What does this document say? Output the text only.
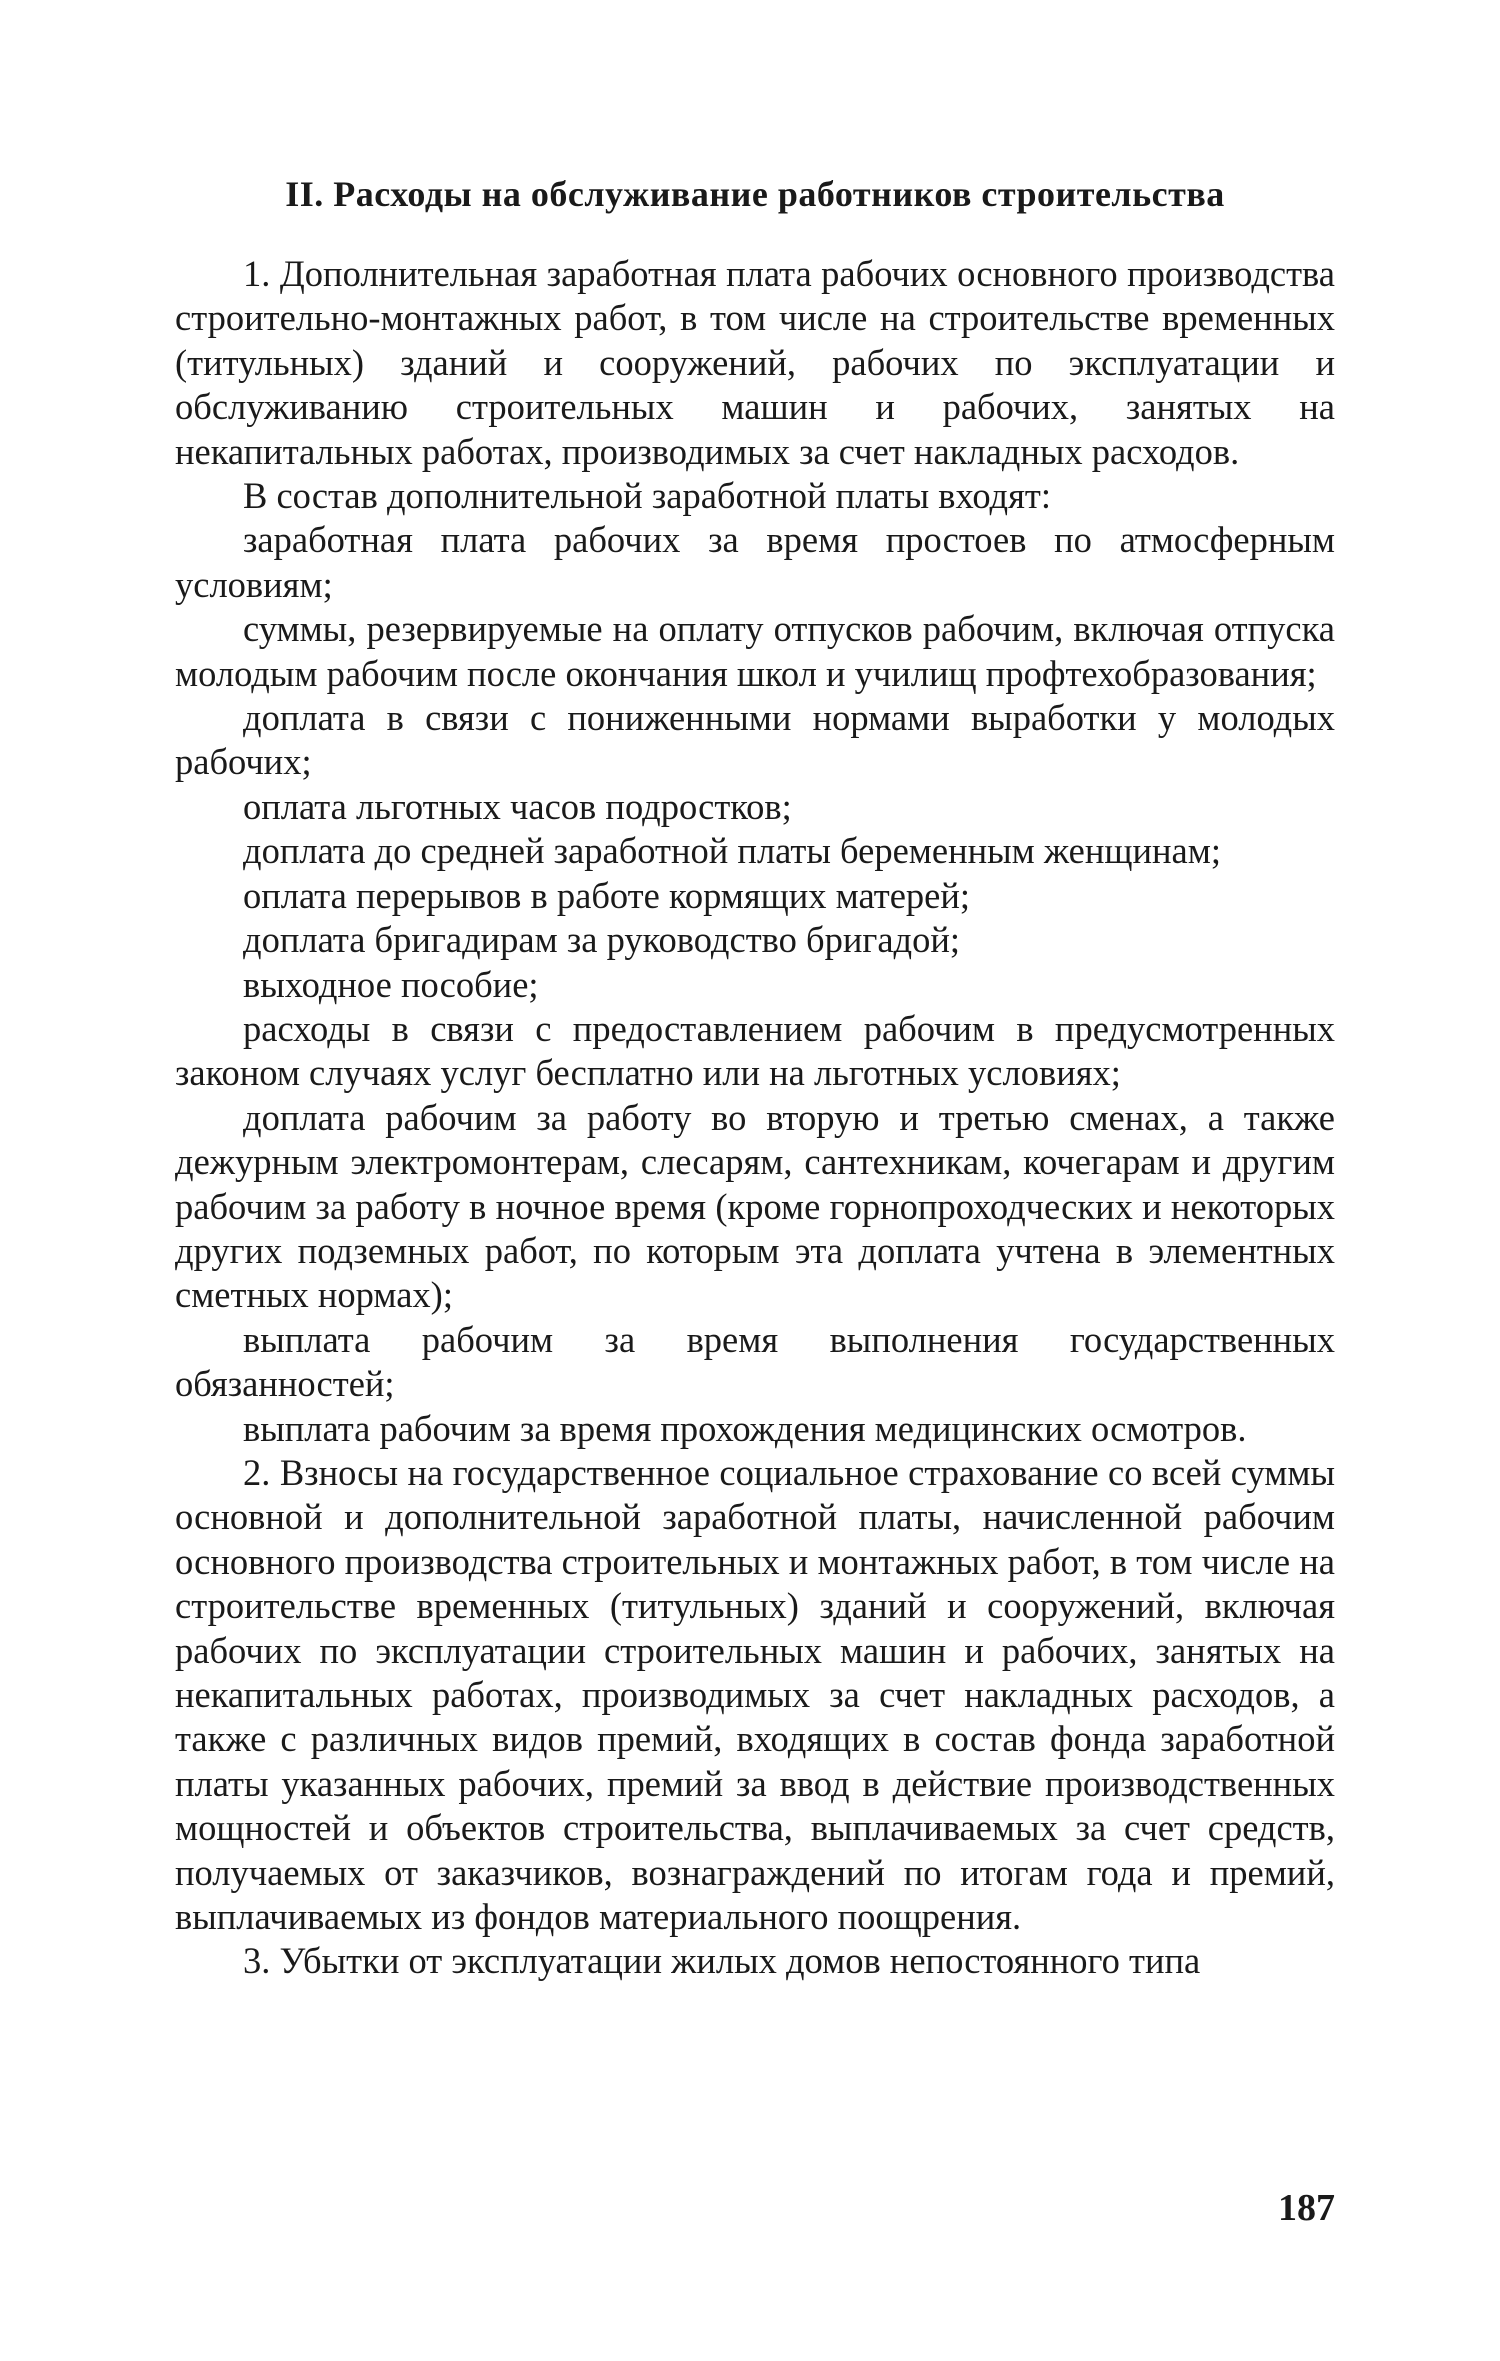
II. Расходы на обслуживание работников строительства

1. Дополнительная заработная плата рабочих основного производства строительно-монтажных работ, в том числе на строительстве временных (титульных) зданий и сооружений, рабочих по эксплуатации и обслуживанию строительных машин и рабочих, занятых на некапитальных работах, производимых за счет накладных расходов.

В состав дополнительной заработной платы входят:

заработная плата рабочих за время простоев по атмосферным условиям;

суммы, резервируемые на оплату отпусков рабочим, включая отпуска молодым рабочим после окончания школ и училищ профтехобразования;

доплата в связи с пониженными нормами выработки у молодых рабочих;

оплата льготных часов подростков;

доплата до средней заработной платы беременным женщинам;

оплата перерывов в работе кормящих матерей;

доплата бригадирам за руководство бригадой;

выходное пособие;

расходы в связи с предоставлением рабочим в предусмотренных законом случаях услуг бесплатно или на льготных условиях;

доплата рабочим за работу во вторую и третью сменах, а также дежурным электромонтерам, слесарям, сантехникам, кочегарам и другим рабочим за работу в ночное время (кроме горнопроходческих и некоторых других подземных работ, по которым эта доплата учтена в элементных сметных нормах);

выплата рабочим за время выполнения государственных обязанностей;

выплата рабочим за время прохождения медицинских осмотров.

2. Взносы на государственное социальное страхование со всей суммы основной и дополнительной заработной платы, начисленной рабочим основного производства строительных и монтажных работ, в том числе на строительстве временных (титульных) зданий и сооружений, включая рабочих по эксплуатации строительных машин и рабочих, занятых на некапитальных работах, производимых за счет накладных расходов, а также с различных видов премий, входящих в состав фонда заработной платы указанных рабочих, премий за ввод в действие производственных мощностей и объектов строительства, выплачиваемых за счет средств, получаемых от заказчиков, вознаграждений по итогам года и премий, выплачиваемых из фондов материального поощрения.

3. Убытки от эксплуатации жилых домов непостоянного типа

187
